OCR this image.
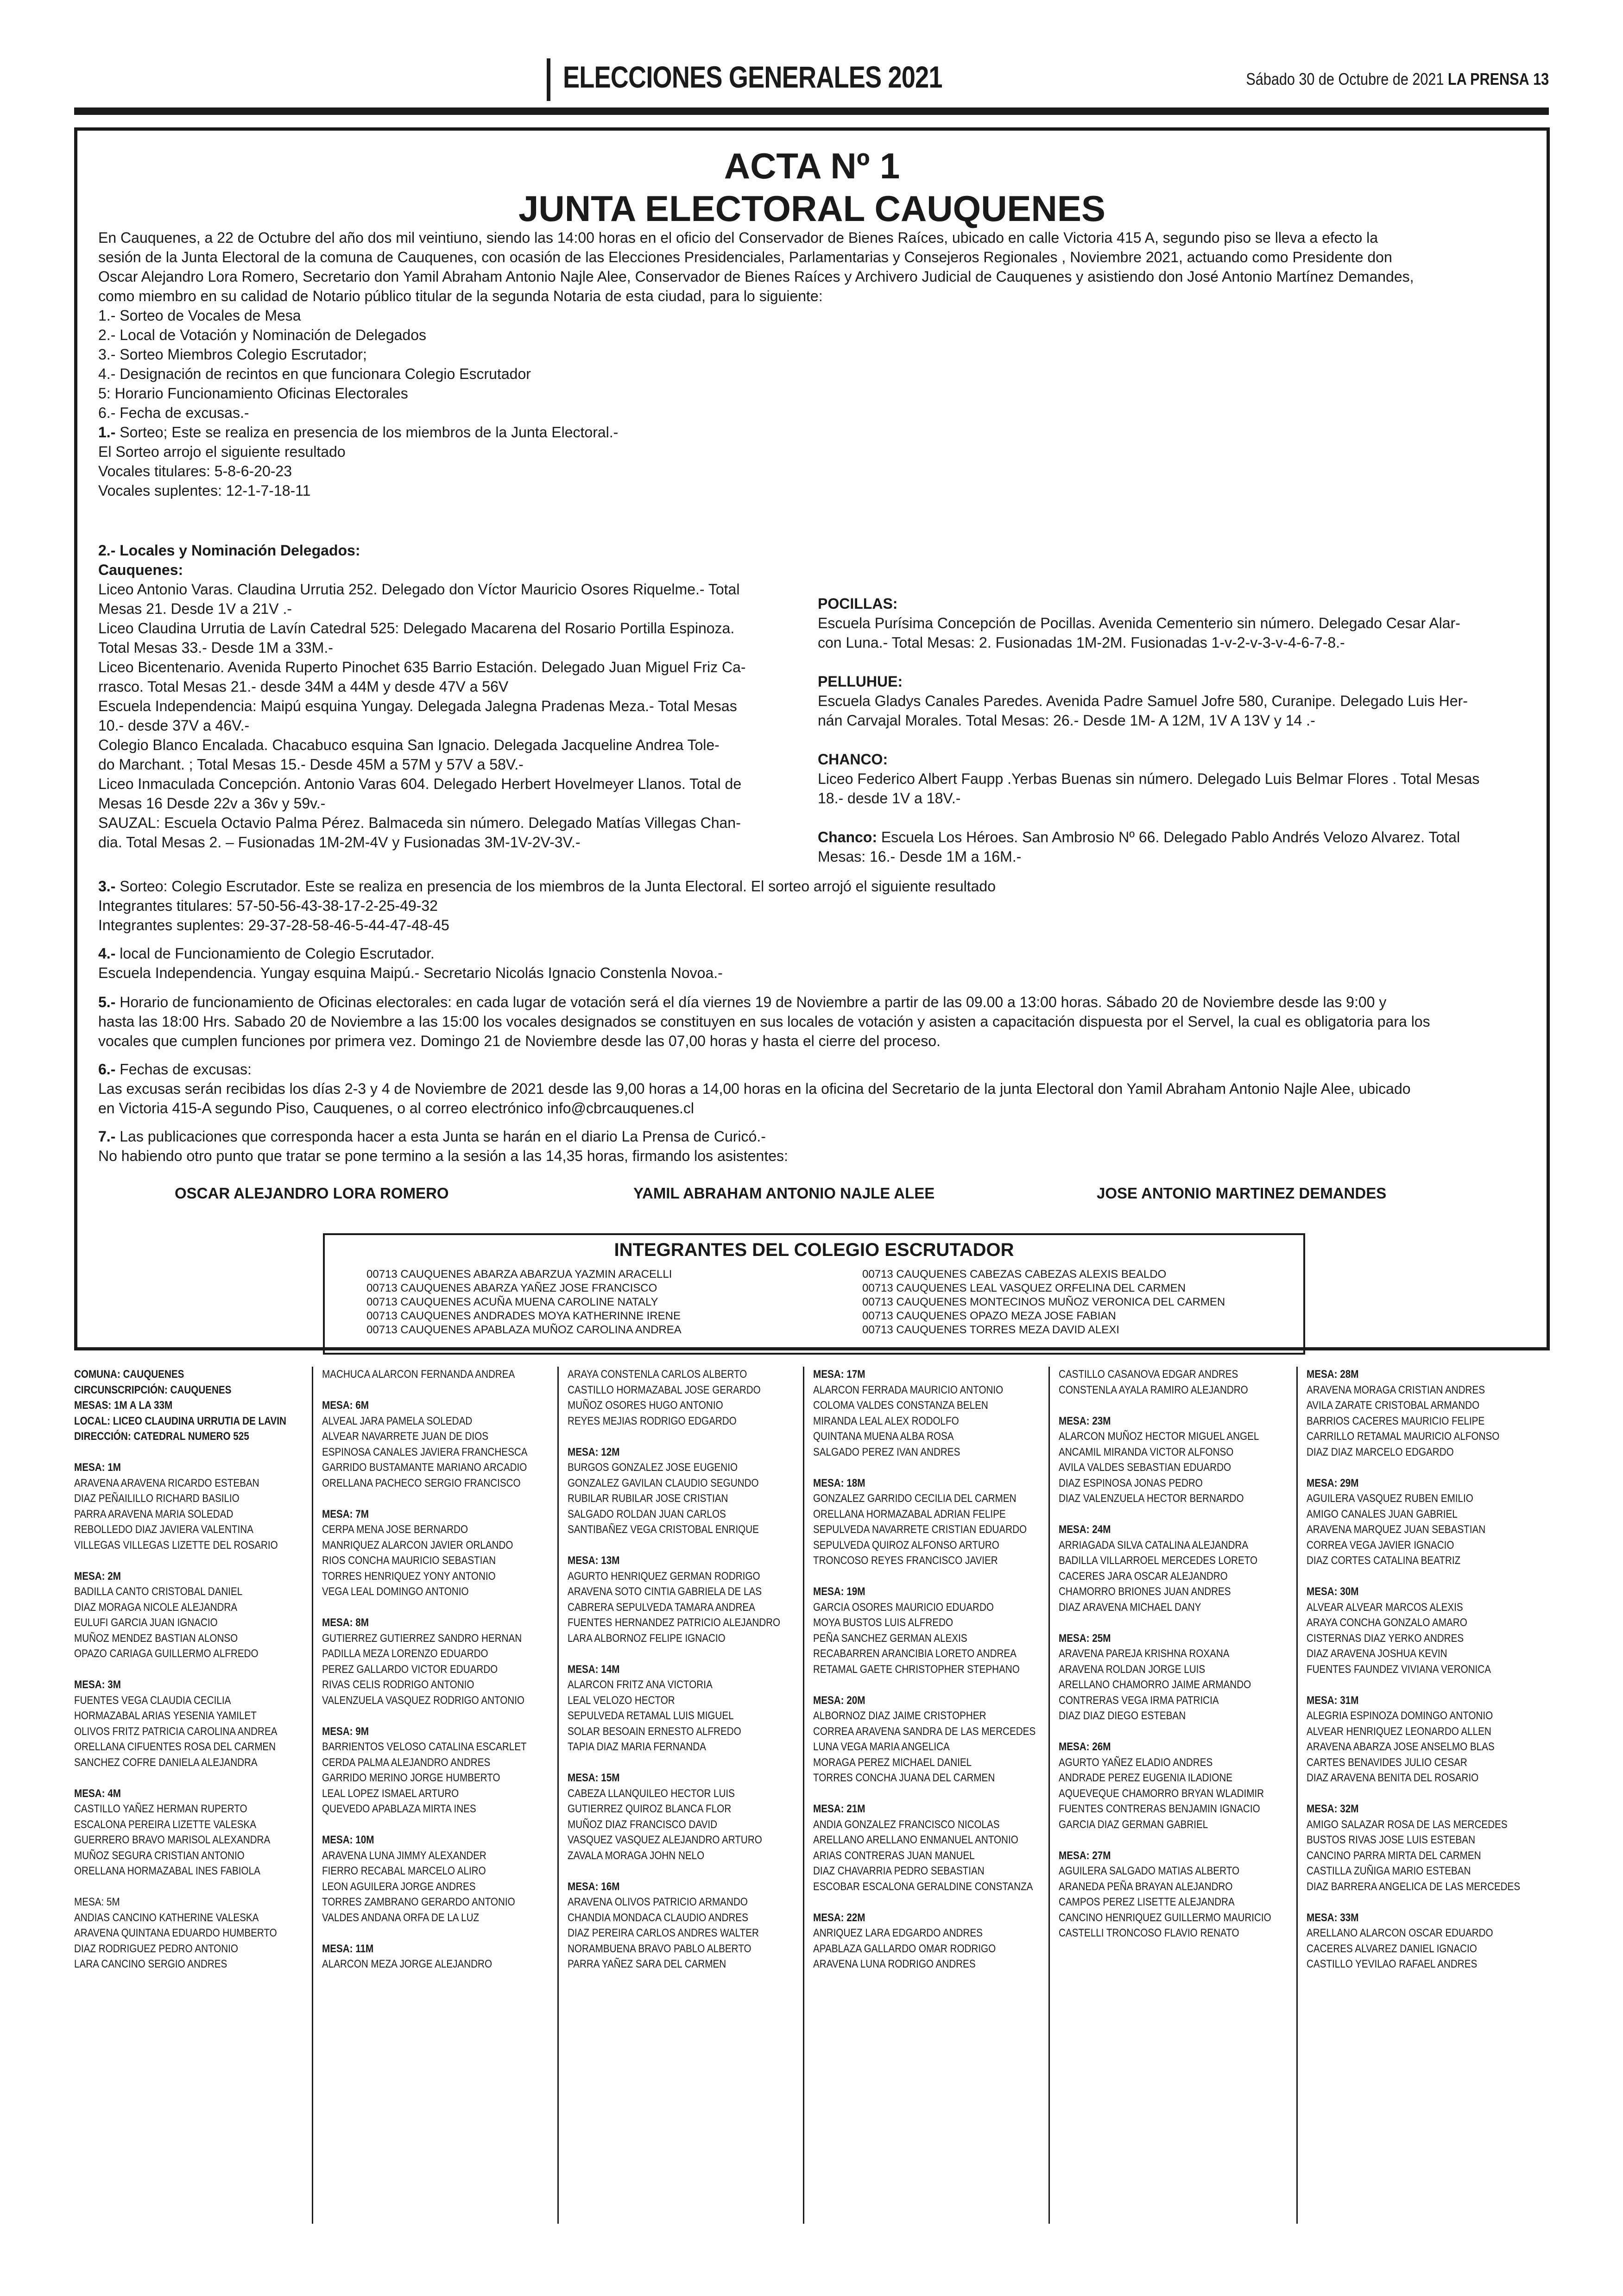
ELECCIONES GENERALES 2021	Sábado 30 de Octubre de 2021 LA PRENSA 13
ACTA Nº 1
JUNTA ELECTORAL CAUQUENES

En Cauquenes, a 22 de Octubre del año dos mil veintiuno, siendo las 14:00 horas en el oficio del Conservador de Bienes Raíces, ubicado en calle Victoria 415 A, segundo piso se lleva a efecto la

sesión de la Junta Electoral de la comuna de Cauquenes, con ocasión de las Elecciones Presidenciales, Parlamentarias y Consejeros Regionales , Noviembre 2021, actuando como Presidente don

Oscar Alejandro Lora Romero, Secretario don Yamil Abraham Antonio Najle Alee, Conservador de Bienes Raíces y Archivero Judicial de Cauquenes y asistiendo don José Antonio Martínez Demandes,

como miembro en su calidad de Notario público titular de la segunda Notaria de esta ciudad, para lo siguiente:

1.- Sorteo de Vocales de Mesa

2.- Local de Votación y Nominación de Delegados

3.- Sorteo Miembros Colegio Escrutador;

4.- Designación de recintos en que funcionara Colegio Escrutador

5: Horario Funcionamiento Oficinas Electorales

6.- Fecha de excusas.-

1.- Sorteo; Este se realiza en presencia de los miembros de la Junta Electoral.-

El Sorteo arrojo el siguiente resultado

Vocales titulares: 5-8-6-20-23

Vocales suplentes: 12-1-7-18-11

2.- Locales y Nominación Delegados:

Cauquenes:

Liceo Antonio Varas. Claudina Urrutia 252. Delegado don Víctor Mauricio Osores Riquelme.- Total

Mesas 21. Desde 1V a 21V .-

Liceo Claudina Urrutia de Lavín Catedral 525: Delegado Macarena del Rosario Portilla Espinoza.

Total Mesas 33.- Desde 1M a 33M.-

Liceo Bicentenario. Avenida Ruperto Pinochet 635 Barrio Estación. Delegado Juan Miguel Friz Ca-

rrasco. Total Mesas 21.- desde 34M a 44M y desde 47V a 56V

Escuela Independencia: Maipú esquina Yungay. Delegada Jalegna Pradenas Meza.- Total Mesas

10.- desde 37V a 46V.-

Colegio Blanco Encalada. Chacabuco esquina San Ignacio. Delegada Jacqueline Andrea Tole-

do Marchant. ; Total Mesas 15.- Desde 45M a 57M y 57V a 58V.-

Liceo Inmaculada Concepción. Antonio Varas 604. Delegado Herbert Hovelmeyer Llanos. Total de

Mesas 16 Desde 22v a 36v y 59v.-

SAUZAL: Escuela Octavio Palma Pérez. Balmaceda sin número. Delegado Matías Villegas Chan-

dia. Total Mesas 2. – Fusionadas 1M-2M-4V y Fusionadas 3M-1V-2V-3V.-

POCILLAS:

Escuela Purísima Concepción de Pocillas. Avenida Cementerio sin número. Delegado Cesar Alar-

con Luna.- Total Mesas: 2. Fusionadas 1M-2M. Fusionadas 1-v-2-v-3-v-4-6-7-8.-

PELLUHUE:

Escuela Gladys Canales Paredes. Avenida Padre Samuel Jofre 580, Curanipe. Delegado Luis Her-

nán Carvajal Morales. Total Mesas: 26.- Desde 1M- A 12M, 1V A 13V y 14 .-

CHANCO:

Liceo Federico Albert Faupp .Yerbas Buenas sin número. Delegado Luis Belmar Flores . Total Mesas

18.- desde 1V a 18V.-

Chanco: Escuela Los Héroes. San Ambrosio Nº 66. Delegado Pablo Andrés Velozo Alvarez. Total

Mesas: 16.- Desde 1M a 16M.-

3.- Sorteo: Colegio Escrutador. Este se realiza en presencia de los miembros de la Junta Electoral. El sorteo arrojó el siguiente resultado

Integrantes titulares: 57-50-56-43-38-17-2-25-49-32

Integrantes suplentes: 29-37-28-58-46-5-44-47-48-45

4.- local de Funcionamiento de Colegio Escrutador.

Escuela Independencia. Yungay esquina Maipú.- Secretario Nicolás Ignacio Constenla Novoa.-

5.- Horario de funcionamiento de Oficinas electorales: en cada lugar de votación será el día viernes 19 de Noviembre a partir de las 09.00 a 13:00 horas. Sábado 20 de Noviembre desde las 9:00 y

hasta las 18:00 Hrs. Sabado 20 de Noviembre a las 15:00 los vocales designados se constituyen en sus locales de votación y asisten a capacitación dispuesta por el Servel, la cual es obligatoria para los

vocales que cumplen funciones por primera vez. Domingo 21 de Noviembre desde las 07,00 horas y hasta el cierre del proceso.

6.- Fechas de excusas:

Las excusas serán recibidas los días 2-3 y 4 de Noviembre de 2021 desde las 9,00 horas a 14,00 horas en la oficina del Secretario de la junta Electoral don Yamil Abraham Antonio Najle Alee, ubicado

en Victoria 415-A segundo Piso, Cauquenes, o al correo electrónico info@cbrcauquenes.cl

7.- Las publicaciones que corresponda hacer a esta Junta se harán en el diario La Prensa de Curicó.-

No habiendo otro punto que tratar se pone termino a la sesión a las 14,35 horas, firmando los asistentes:

OSCAR ALEJANDRO LORA ROMERO	YAMIL ABRAHAM ANTONIO NAJLE ALEE	JOSE ANTONIO MARTINEZ DEMANDES
INTEGRANTES DEL COLEGIO ESCRUTADOR
00713 CAUQUENES ABARZA ABARZUA YAZMIN ARACELLI
00713 CAUQUENES ABARZA YAÑEZ JOSE FRANCISCO
00713 CAUQUENES ACUÑA MUENA CAROLINE NATALY
00713 CAUQUENES ANDRADES MOYA KATHERINNE IRENE
00713 CAUQUENES APABLAZA MUÑOZ CAROLINA ANDREA
00713 CAUQUENES CABEZAS CABEZAS ALEXIS BEALDO
00713 CAUQUENES LEAL VASQUEZ ORFELINA DEL CARMEN
00713 CAUQUENES MONTECINOS MUÑOZ VERONICA DEL CARMEN
00713 CAUQUENES OPAZO MEZA JOSE FABIAN
00713 CAUQUENES TORRES MEZA DAVID ALEXI
COMUNA: CAUQUENES
CIRCUNSCRIPCIÓN: CAUQUENES
MESAS: 1M A LA 33M
LOCAL: LICEO CLAUDINA URRUTIA DE LAVIN
DIRECCIÓN: CATEDRAL NUMERO 525
MESA: 1M
ARAVENA ARAVENA RICARDO ESTEBAN
DIAZ PEÑAILILLO RICHARD BASILIO
PARRA ARAVENA MARIA SOLEDAD
REBOLLEDO DIAZ JAVIERA VALENTINA
VILLEGAS VILLEGAS LIZETTE DEL ROSARIO
MESA: 2M
BADILLA CANTO CRISTOBAL DANIEL
DIAZ MORAGA NICOLE ALEJANDRA
EULUFI GARCIA JUAN IGNACIO
MUÑOZ MENDEZ BASTIAN ALONSO
OPAZO CARIAGA GUILLERMO ALFREDO
MESA: 3M
FUENTES VEGA CLAUDIA CECILIA
HORMAZABAL ARIAS YESENIA YAMILET
OLIVOS FRITZ PATRICIA CAROLINA ANDREA
ORELLANA CIFUENTES ROSA DEL CARMEN
SANCHEZ COFRE DANIELA ALEJANDRA
MESA: 4M
CASTILLO YAÑEZ HERMAN RUPERTO
ESCALONA PEREIRA LIZETTE VALESKA
GUERRERO BRAVO MARISOL ALEXANDRA
MUÑOZ SEGURA CRISTIAN ANTONIO
ORELLANA HORMAZABAL INES FABIOLA
MESA: 5M
ANDIAS CANCINO KATHERINE VALESKA
ARAVENA QUINTANA EDUARDO HUMBERTO
DIAZ RODRIGUEZ PEDRO ANTONIO
LARA CANCINO SERGIO ANDRES
MACHUCA ALARCON FERNANDA ANDREA
MESA: 6M
ALVEAL JARA PAMELA SOLEDAD
ALVEAR NAVARRETE JUAN DE DIOS
ESPINOSA CANALES JAVIERA FRANCHESCA
GARRIDO BUSTAMANTE MARIANO ARCADIO
ORELLANA PACHECO SERGIO FRANCISCO
MESA: 7M
CERPA MENA JOSE BERNARDO
MANRIQUEZ ALARCON JAVIER ORLANDO
RIOS CONCHA MAURICIO SEBASTIAN
TORRES HENRIQUEZ YONY ANTONIO
VEGA LEAL DOMINGO ANTONIO
MESA: 8M
GUTIERREZ GUTIERREZ SANDRO HERNAN
PADILLA MEZA LORENZO EDUARDO
PEREZ GALLARDO VICTOR EDUARDO
RIVAS CELIS RODRIGO ANTONIO
VALENZUELA VASQUEZ RODRIGO ANTONIO
MESA: 9M
BARRIENTOS VELOSO CATALINA ESCARLET
CERDA PALMA ALEJANDRO ANDRES
GARRIDO MERINO JORGE HUMBERTO
LEAL LOPEZ ISMAEL ARTURO
QUEVEDO APABLAZA MIRTA INES
MESA: 10M
ARAVENA LUNA JIMMY ALEXANDER
FIERRO RECABAL MARCELO ALIRO
LEON AGUILERA JORGE ANDRES
TORRES ZAMBRANO GERARDO ANTONIO
VALDES ANDANA ORFA DE LA LUZ
MESA: 11M
ALARCON MEZA JORGE ALEJANDRO
ARAYA CONSTENLA CARLOS ALBERTO
CASTILLO HORMAZABAL JOSE GERARDO
MUÑOZ OSORES HUGO ANTONIO
REYES MEJIAS RODRIGO EDGARDO
MESA: 12M
BURGOS GONZALEZ JOSE EUGENIO
GONZALEZ GAVILAN CLAUDIO SEGUNDO
RUBILAR RUBILAR JOSE CRISTIAN
SALGADO ROLDAN JUAN CARLOS
SANTIBAÑEZ VEGA CRISTOBAL ENRIQUE
MESA: 13M
AGURTO HENRIQUEZ GERMAN RODRIGO
ARAVENA SOTO CINTIA GABRIELA DE LAS
CABRERA SEPULVEDA TAMARA ANDREA
FUENTES HERNANDEZ PATRICIO ALEJANDRO
LARA ALBORNOZ FELIPE IGNACIO
MESA: 14M
ALARCON FRITZ ANA VICTORIA
LEAL VELOZO HECTOR
SEPULVEDA RETAMAL LUIS MIGUEL
SOLAR BESOAIN ERNESTO ALFREDO
TAPIA DIAZ MARIA FERNANDA
MESA: 15M
CABEZA LLANQUILEO HECTOR LUIS
GUTIERREZ QUIROZ BLANCA FLOR
MUÑOZ DIAZ FRANCISCO DAVID
VASQUEZ VASQUEZ ALEJANDRO ARTURO
ZAVALA MORAGA JOHN NELO
MESA: 16M
ARAVENA OLIVOS PATRICIO ARMANDO
CHANDIA MONDACA CLAUDIO ANDRES
DIAZ PEREIRA CARLOS ANDRES WALTER
NORAMBUENA BRAVO PABLO ALBERTO
PARRA YAÑEZ SARA DEL CARMEN
MESA: 17M
ALARCON FERRADA MAURICIO ANTONIO
COLOMA VALDES CONSTANZA BELEN
MIRANDA LEAL ALEX RODOLFO
QUINTANA MUENA ALBA ROSA
SALGADO PEREZ IVAN ANDRES
MESA: 18M
GONZALEZ GARRIDO CECILIA DEL CARMEN
ORELLANA HORMAZABAL ADRIAN FELIPE
SEPULVEDA NAVARRETE CRISTIAN EDUARDO
SEPULVEDA QUIROZ ALFONSO ARTURO
TRONCOSO REYES FRANCISCO JAVIER
MESA: 19M
GARCIA OSORES MAURICIO EDUARDO
MOYA BUSTOS LUIS ALFREDO
PEÑA SANCHEZ GERMAN ALEXIS
RECABARREN ARANCIBIA LORETO ANDREA
RETAMAL GAETE CHRISTOPHER STEPHANO
MESA: 20M
ALBORNOZ DIAZ JAIME CRISTOPHER
CORREA ARAVENA SANDRA DE LAS MERCEDES
LUNA VEGA MARIA ANGELICA
MORAGA PEREZ MICHAEL DANIEL
TORRES CONCHA JUANA DEL CARMEN
MESA: 21M
ANDIA GONZALEZ FRANCISCO NICOLAS
ARELLANO ARELLANO ENMANUEL ANTONIO
ARIAS CONTRERAS JUAN MANUEL
DIAZ CHAVARRIA PEDRO SEBASTIAN
ESCOBAR ESCALONA GERALDINE CONSTANZA
MESA: 22M
ANRIQUEZ LARA EDGARDO ANDRES
APABLAZA GALLARDO OMAR RODRIGO
ARAVENA LUNA RODRIGO ANDRES
CASTILLO CASANOVA EDGAR ANDRES
CONSTENLA AYALA RAMIRO ALEJANDRO
MESA: 23M
ALARCON MUÑOZ HECTOR MIGUEL ANGEL
ANCAMIL MIRANDA VICTOR ALFONSO
AVILA VALDES SEBASTIAN EDUARDO
DIAZ ESPINOSA JONAS PEDRO
DIAZ VALENZUELA HECTOR BERNARDO
MESA: 24M
ARRIAGADA SILVA CATALINA ALEJANDRA
BADILLA VILLARROEL MERCEDES LORETO
CACERES JARA OSCAR ALEJANDRO
CHAMORRO BRIONES JUAN ANDRES
DIAZ ARAVENA MICHAEL DANY
MESA: 25M
ARAVENA PAREJA KRISHNA ROXANA
ARAVENA ROLDAN JORGE LUIS
ARELLANO CHAMORRO JAIME ARMANDO
CONTRERAS VEGA IRMA PATRICIA
DIAZ DIAZ DIEGO ESTEBAN
MESA: 26M
AGURTO YAÑEZ ELADIO ANDRES
ANDRADE PEREZ EUGENIA ILADIONE
AQUEVEQUE CHAMORRO BRYAN WLADIMIR
FUENTES CONTRERAS BENJAMIN IGNACIO
GARCIA DIAZ GERMAN GABRIEL
MESA: 27M
AGUILERA SALGADO MATIAS ALBERTO
ARANEDA PEÑA BRAYAN ALEJANDRO
CAMPOS PEREZ LISETTE ALEJANDRA
CANCINO HENRIQUEZ GUILLERMO MAURICIO
CASTELLI TRONCOSO FLAVIO RENATO
MESA: 28M
ARAVENA MORAGA CRISTIAN ANDRES
AVILA ZARATE CRISTOBAL ARMANDO
BARRIOS CACERES MAURICIO FELIPE
CARRILLO RETAMAL MAURICIO ALFONSO
DIAZ DIAZ MARCELO EDGARDO
MESA: 29M
AGUILERA VASQUEZ RUBEN EMILIO
AMIGO CANALES JUAN GABRIEL
ARAVENA MARQUEZ JUAN SEBASTIAN
CORREA VEGA JAVIER IGNACIO
DIAZ CORTES CATALINA BEATRIZ
MESA: 30M
ALVEAR ALVEAR MARCOS ALEXIS
ARAYA CONCHA GONZALO AMARO
CISTERNAS DIAZ YERKO ANDRES
DIAZ ARAVENA JOSHUA KEVIN
FUENTES FAUNDEZ VIVIANA VERONICA
MESA: 31M
ALEGRIA ESPINOZA DOMINGO ANTONIO
ALVEAR HENRIQUEZ LEONARDO ALLEN
ARAVENA ABARZA JOSE ANSELMO BLAS
CARTES BENAVIDES JULIO CESAR
DIAZ ARAVENA BENITA DEL ROSARIO
MESA: 32M
AMIGO SALAZAR ROSA DE LAS MERCEDES
BUSTOS RIVAS JOSE LUIS ESTEBAN
CANCINO PARRA MIRTA DEL CARMEN
CASTILLA ZUÑIGA MARIO ESTEBAN
DIAZ BARRERA ANGELICA DE LAS MERCEDES
MESA: 33M
ARELLANO ALARCON OSCAR EDUARDO
CACERES ALVAREZ DANIEL IGNACIO
CASTILLO YEVILAO RAFAEL ANDRES
